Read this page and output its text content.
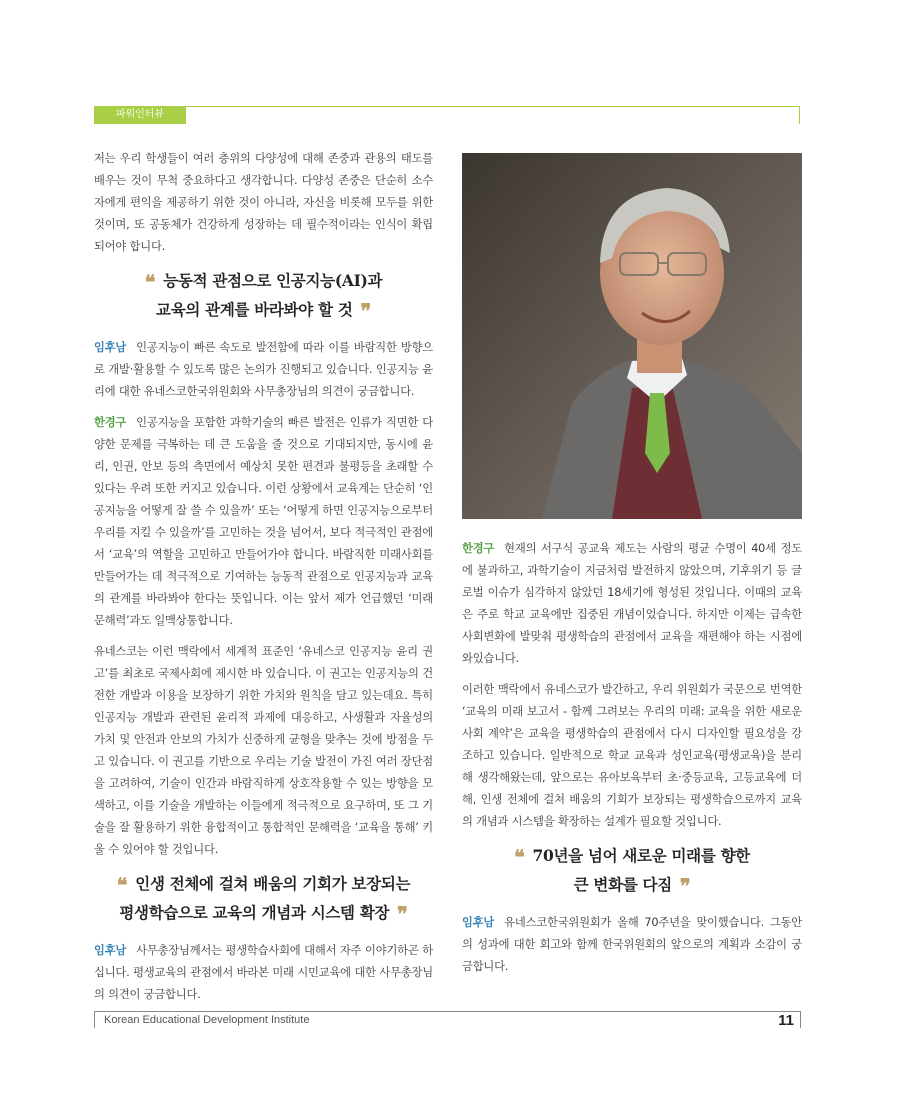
파워인터뷰

저는 우리 학생들이 여러 층위의 다양성에 대해 존중과 관용의 태도를 배우는 것이 무척 중요하다고 생각합니다. 다양성 존중은 단순히 소수자에게 편익을 제공하기 위한 것이 아니라, 자신을 비롯해 모두를 위한 것이며, 또 공동체가 건강하게 성장하는 데 필수적이라는 인식이 확립되어야 합니다.

❝ 능동적 관점으로 인공지능(AI)과
교육의 관계를 바라봐야 할 것 ❞

임후남 인공지능이 빠른 속도로 발전함에 따라 이를 바람직한 방향으로 개발·활용할 수 있도록 많은 논의가 진행되고 있습니다. 인공지능 윤리에 대한 유네스코한국위원회와 사무총장님의 의견이 궁금합니다.

한경구 인공지능을 포함한 과학기술의 빠른 발전은 인류가 직면한 다양한 문제를 극복하는 데 큰 도움을 줄 것으로 기대되지만, 동시에 윤리, 인권, 안보 등의 측면에서 예상치 못한 편견과 불평등을 초래할 수 있다는 우려 또한 커지고 있습니다. 이런 상황에서 교육계는 단순히 ‘인공지능을 어떻게 잘 쓸 수 있을까’ 또는 ‘어떻게 하면 인공지능으로부터 우리를 지킬 수 있을까’를 고민하는 것을 넘어서, 보다 적극적인 관점에서 ‘교육’의 역할을 고민하고 만들어가야 합니다. 바람직한 미래사회를 만들어가는 데 적극적으로 기여하는 능동적 관점으로 인공지능과 교육의 관계를 바라봐야 한다는 뜻입니다. 이는 앞서 제가 언급했던 ‘미래 문해력’과도 일맥상통합니다.

유네스코는 이런 맥락에서 세계적 표준인 ‘유네스코 인공지능 윤리 권고’를 최초로 국제사회에 제시한 바 있습니다. 이 권고는 인공지능의 건전한 개발과 이용을 보장하기 위한 가치와 원칙을 담고 있는데요. 특히 인공지능 개발과 관련된 윤리적 과제에 대응하고, 사생활과 자율성의 가치 및 안전과 안보의 가치가 신중하게 균형을 맞추는 것에 방점을 두고 있습니다. 이 권고를 기반으로 우리는 기술 발전이 가진 여러 장단점을 고려하여, 기술이 인간과 바람직하게 상호작용할 수 있는 방향을 모색하고, 이를 기술을 개발하는 이들에게 적극적으로 요구하며, 또 그 기술을 잘 활용하기 위한 융합적이고 통합적인 문해력을 ‘교육을 통해’ 키울 수 있어야 할 것입니다.

❝ 인생 전체에 걸쳐 배움의 기회가 보장되는
평생학습으로 교육의 개념과 시스템 확장 ❞

임후남 사무총장님께서는 평생학습사회에 대해서 자주 이야기하곤 하십니다. 평생교육의 관점에서 바라본 미래 시민교육에 대한 사무총장님의 의견이 궁금합니다.

한경구 현재의 서구식 공교육 제도는 사람의 평균 수명이 40세 정도에 불과하고, 과학기술이 지금처럼 발전하지 않았으며, 기후위기 등 글로벌 이슈가 심각하지 않았던 18세기에 형성된 것입니다. 이때의 교육은 주로 학교 교육에만 집중된 개념이었습니다. 하지만 이제는 급속한 사회변화에 발맞춰 평생학습의 관점에서 교육을 재편해야 하는 시점에 와있습니다.

이러한 맥락에서 유네스코가 발간하고, 우리 위원회가 국문으로 번역한 ‘교육의 미래 보고서 - 함께 그려보는 우리의 미래: 교육을 위한 새로운 사회 계약’은 교육을 평생학습의 관점에서 다시 디자인할 필요성을 강조하고 있습니다. 일반적으로 학교 교육과 성인교육(평생교육)을 분리해 생각해왔는데, 앞으로는 유아보육부터 초·중등교육, 고등교육에 더해, 인생 전체에 걸쳐 배움의 기회가 보장되는 평생학습으로까지 교육의 개념과 시스템을 확장하는 설계가 필요할 것입니다.

❝ 70년을 넘어 새로운 미래를 향한
큰 변화를 다짐 ❞

임후남 유네스코한국위원회가 올해 70주년을 맞이했습니다. 그동안의 성과에 대한 회고와 함께 한국위원회의 앞으로의 계획과 소감이 궁금합니다.

Korean Educational Development Institute	11
